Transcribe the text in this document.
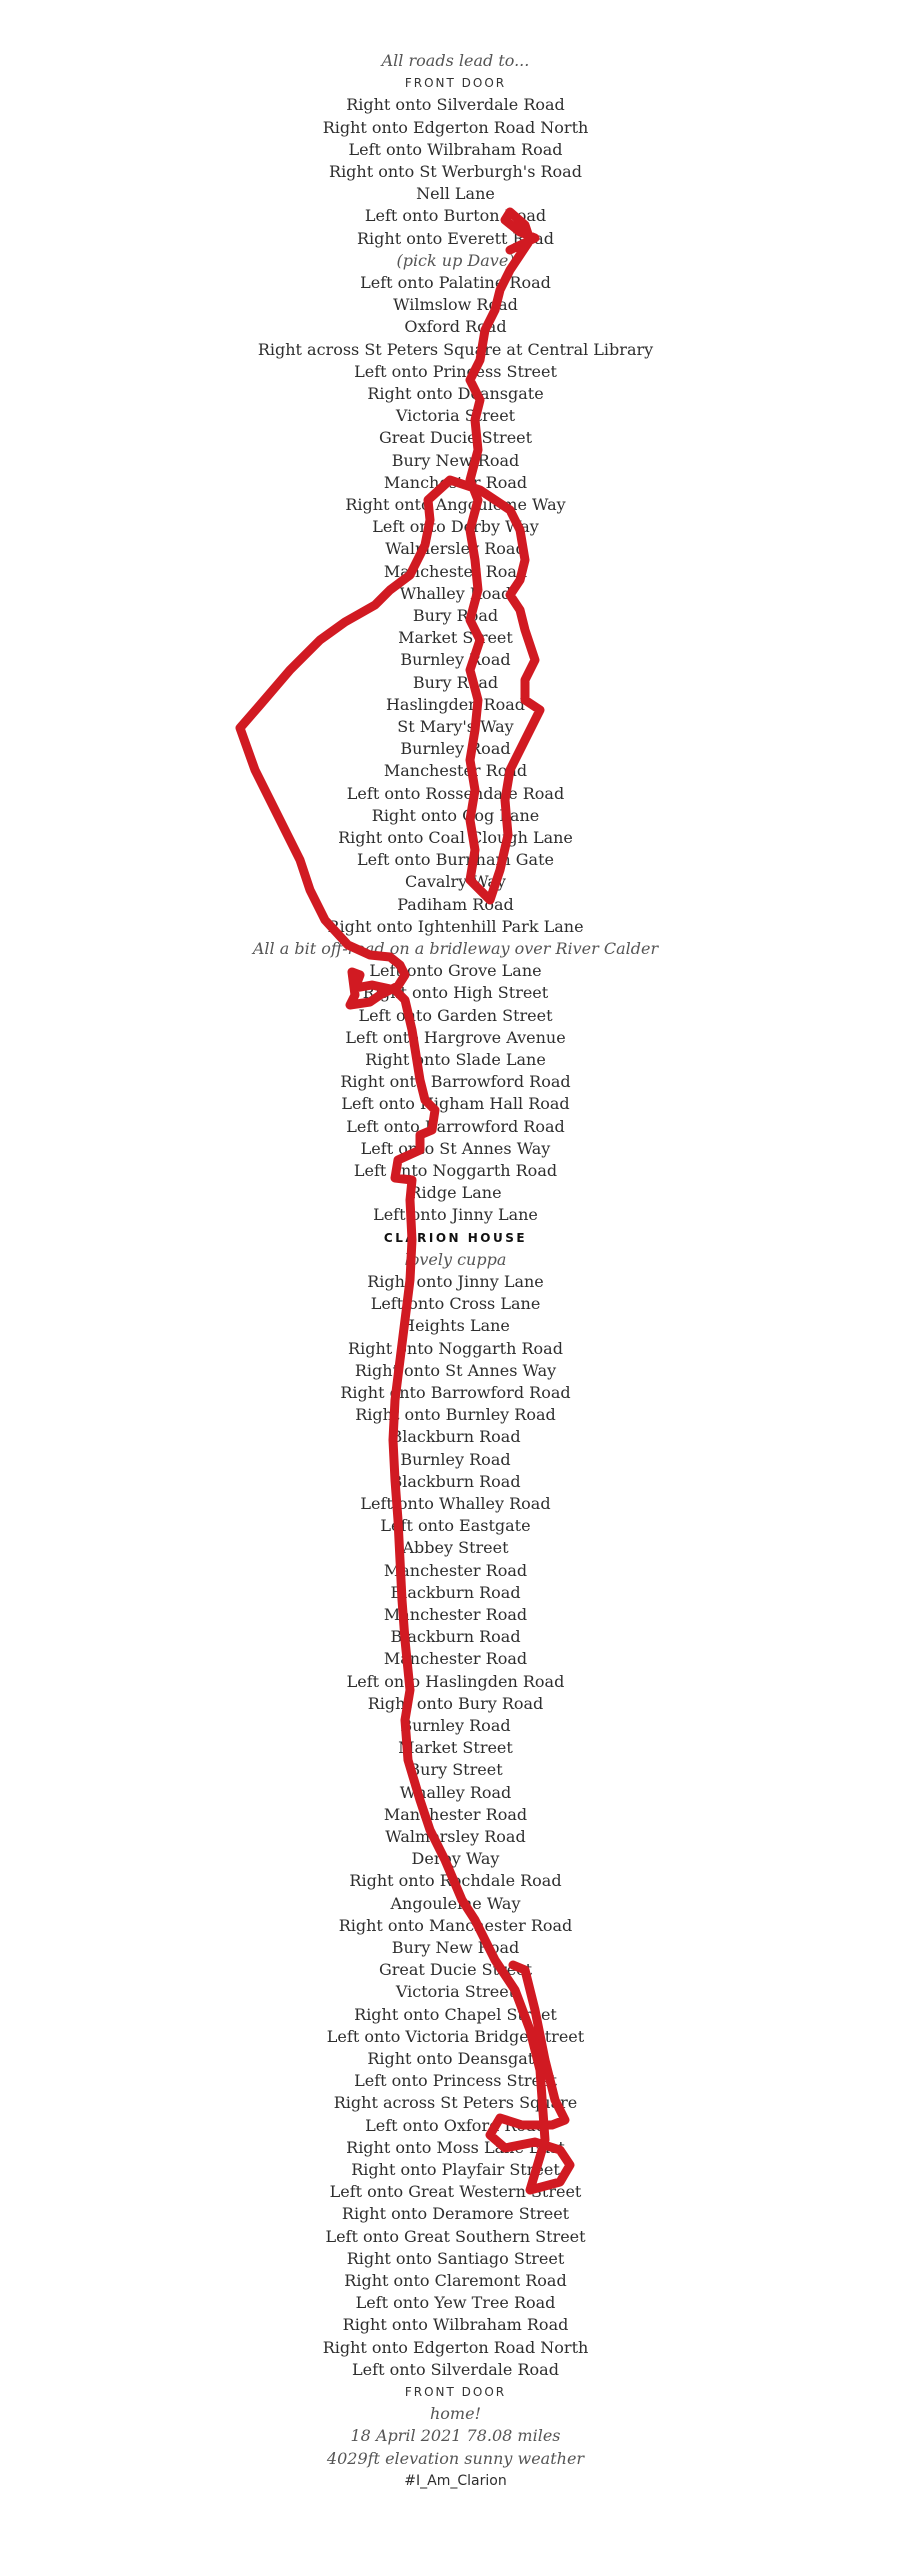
All roads lead to...
FRONT DOOR
Right onto Silverdale Road
Right onto Edgerton Road North
Left onto Wilbraham Road
Right onto St Werburgh's Road
Nell Lane
Left onto Burton Road
Right onto Everett Road
(pick up Dave)
Left onto Palatine Road
Wilmslow Road
Oxford Road
Right across St Peters Square at Central Library
Left onto Princess Street
Right onto Deansgate
Victoria Street
Great Ducie Street
Bury New Road
Manchester Road
Right onto Angouleme Way
Left onto Derby Way
Walmersley Road
Manchester Road
Whalley Road
Bury Road
Market Street
Burnley Road
Bury Road
Haslingden Road
St Mary's Way
Burnley Road
Manchester Road
Left onto Rossendale Road
Right onto Cog Lane
Right onto Coal Clough Lane
Left onto Burnham Gate
Cavalry Way
Padiham Road
Right onto Ightenhill Park Lane
All a bit off-road on a bridleway over River Calder
Left onto Grove Lane
Right onto High Street
Left onto Garden Street
Left onto Hargrove Avenue
Right onto Slade Lane
Right onto Barrowford Road
Left onto Higham Hall Road
Left onto Barrowford Road
Left onto St Annes Way
Left onto Noggarth Road
Ridge Lane
Left onto Jinny Lane
CLARION HOUSE
lovely cuppa
Right onto Jinny Lane
Left onto Cross Lane
Heights Lane
Right onto Noggarth Road
Right onto St Annes Way
Right onto Barrowford Road
Right onto Burnley Road
Blackburn Road
Burnley Road
Blackburn Road
Left onto Whalley Road
Left onto Eastgate
Abbey Street
Manchester Road
Blackburn Road
Manchester Road
Blackburn Road
Manchester Road
Left onto Haslingden Road
Right onto Bury Road
Burnley Road
Market Street
Bury Street
Whalley Road
Manchester Road
Walmersley Road
Derby Way
Right onto Rochdale Road
Angouleme Way
Right onto Manchester Road
Bury New Road
Great Ducie Street
Victoria Street
Right onto Chapel Street
Left onto Victoria Bridge Street
Right onto Deansgate
Left onto Princess Street
Right across St Peters Square
Left onto Oxford Road
Right onto Moss Lane East
Right onto Playfair Street
Left onto Great Western Street
Right onto Deramore Street
Left onto Great Southern Street
Right onto Santiago Street
Right onto Claremont Road
Left onto Yew Tree Road
Right onto Wilbraham Road
Right onto Edgerton Road North
Left onto Silverdale Road
FRONT DOOR
home!
18 April 2021 78.08 miles
4029ft elevation sunny weather
#I_Am_Clarion
